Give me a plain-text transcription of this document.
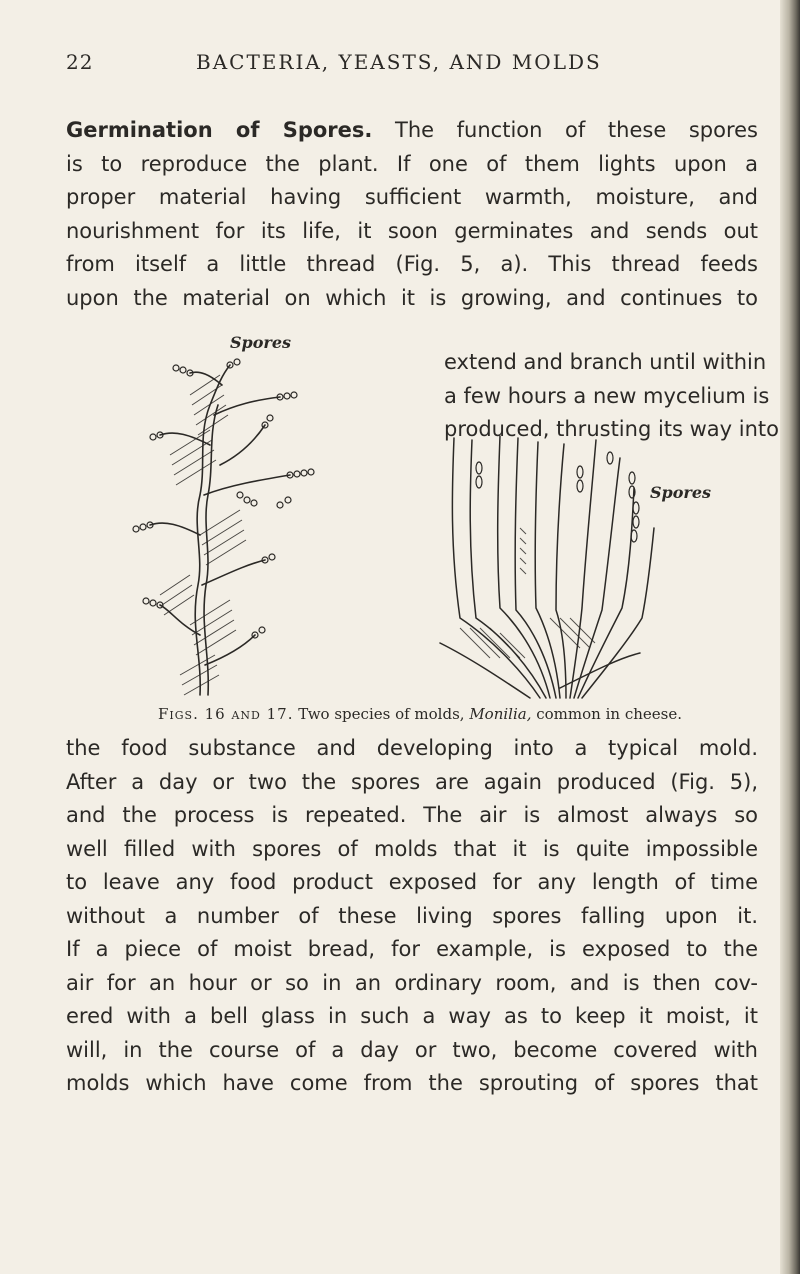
22	BACTERIA, YEASTS, AND MOLDS
Germination of Spores. The function of these spores
is to reproduce the plant. If one of them lights upon a
proper material having sufficient warmth, moisture, and
nourishment for its life, it soon germinates and sends out
from itself a little thread (Fig. 5, a). This thread feeds
upon the material on which it is growing, and continues to
extend and branch until within
a few hours a new mycelium is
produced, thrusting its way into
Spores
Spores
Figs. 16 and 17. Two species of molds, Monilia, common in cheese.
the food substance and developing into a typical mold.
After a day or two the spores are again produced (Fig. 5),
and the process is repeated. The air is almost always so
well filled with spores of molds that it is quite impossible
to leave any food product exposed for any length of time
without a number of these living spores falling upon it.
If a piece of moist bread, for example, is exposed to the
air for an hour or so in an ordinary room, and is then cov-
ered with a bell glass in such a way as to keep it moist, it
will, in the course of a day or two, become covered with
molds which have come from the sprouting of spores that
